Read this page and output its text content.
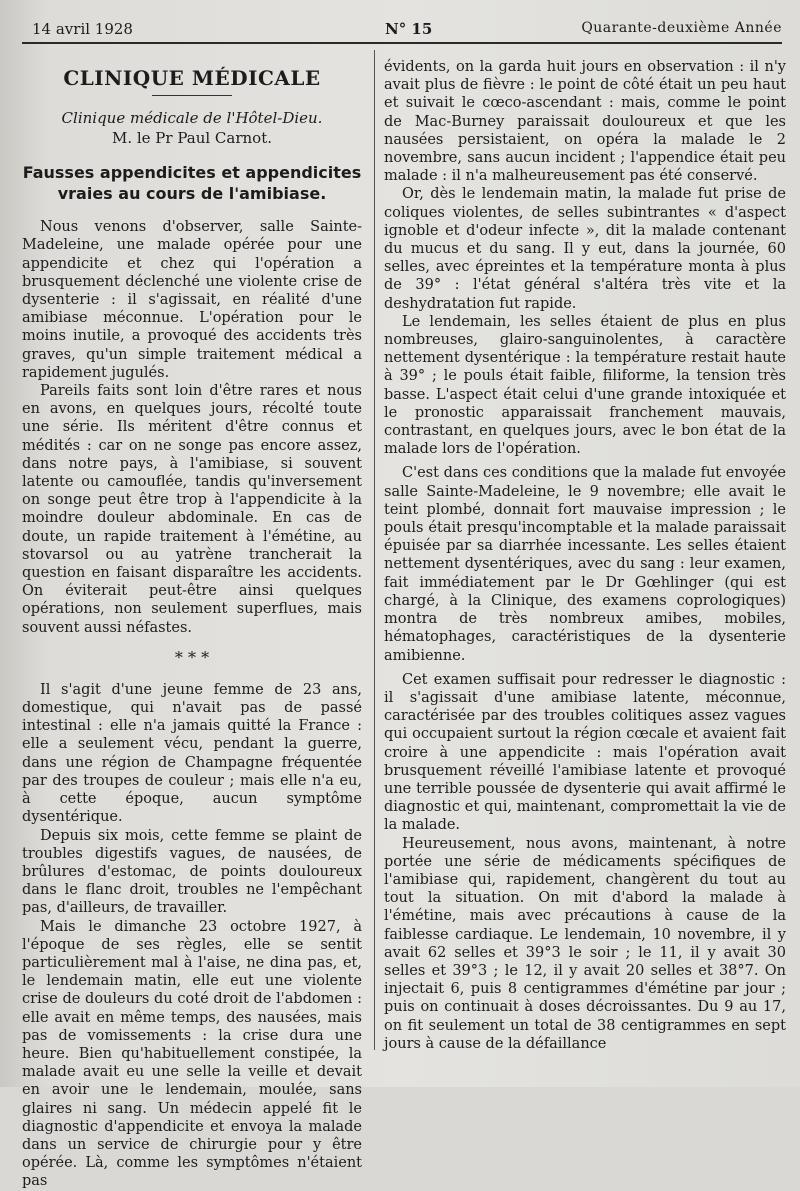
14 avril 1928	N° 15	Quarante-deuxième Année
CLINIQUE MÉDICALE
Clinique médicale de l'Hôtel-Dieu.
M. le Pr Paul Carnot.
Fausses appendicites et appendicites vraies au cours de l'amibiase.

Nous venons d'observer, salle Sainte-Madeleine, une malade opérée pour une appendicite et chez qui l'opération a brusquement déclenché une violente crise de dysenterie : il s'agissait, en réalité d'une amibiase méconnue. L'opération pour le moins inutile, a provoqué des accidents très graves, qu'un simple traitement médical a rapidement jugulés.

Pareils faits sont loin d'être rares et nous en avons, en quelques jours, récolté toute une série. Ils méritent d'être connus et médités : car on ne songe pas encore assez, dans notre pays, à l'amibiase, si souvent latente ou camouflée, tandis qu'inversement on songe peut être trop à l'appendicite à la moindre douleur abdominale. En cas de doute, un rapide traitement à l'émétine, au stovarsol ou au yatrène trancherait la question en faisant disparaître les accidents. On éviterait peut-être ainsi quelques opérations, non seulement superflues, mais souvent aussi néfastes.

* * *

Il s'agit d'une jeune femme de 23 ans, domestique, qui n'avait pas de passé intestinal : elle n'a jamais quitté la France : elle a seulement vécu, pendant la guerre, dans une région de Champagne fréquentée par des troupes de couleur ; mais elle n'a eu, à cette époque, aucun symptôme dysentérique.

Depuis six mois, cette femme se plaint de troubles digestifs vagues, de nausées, de brûlures d'estomac, de points douloureux dans le flanc droit, troubles ne l'empêchant pas, d'ailleurs, de travailler.

Mais le dimanche 23 octobre 1927, à l'époque de ses règles, elle se sentit particulièrement mal à l'aise, ne dina pas, et, le lendemain matin, elle eut une violente crise de douleurs du coté droit de l'abdomen : elle avait en même temps, des nausées, mais pas de vomissements : la crise dura une heure. Bien qu'habituellement constipée, la malade avait eu une selle la veille et devait en avoir une le lendemain, moulée, sans glaires ni sang. Un médecin appelé fit le diagnostic d'appendicite et envoya la malade dans un service de chirurgie pour y être opérée. Là, comme les symptômes n'étaient pas

évidents, on la garda huit jours en observation : il n'y avait plus de fièvre : le point de côté était un peu haut et suivait le cœco-ascendant : mais, comme le point de Mac-Burney paraissait douloureux et que les nausées persistaient, on opéra la malade le 2 novembre, sans aucun incident ; l'appendice était peu malade : il n'a malheureusement pas été conservé.

Or, dès le lendemain matin, la malade fut prise de coliques violentes, de selles subintrantes « d'aspect ignoble et d'odeur infecte », dit la malade contenant du mucus et du sang. Il y eut, dans la journée, 60 selles, avec épreintes et la température monta à plus de 39° : l'état général s'altéra très vite et la deshydratation fut rapide.

Le lendemain, les selles étaient de plus en plus nombreuses, glairo-sanguinolentes, à caractère nettement dysentérique : la température restait haute à 39° ; le pouls était faible, filiforme, la tension très basse. L'aspect était celui d'une grande intoxiquée et le pronostic apparaissait franchement mauvais, contrastant, en quelques jours, avec le bon état de la malade lors de l'opération.

C'est dans ces conditions que la malade fut envoyée salle Sainte-Madeleine, le 9 novembre; elle avait le teint plombé, donnait fort mauvaise impression ; le pouls était presqu'incomptable et la malade paraissait épuisée par sa diarrhée incessante. Les selles étaient nettement dysentériques, avec du sang : leur examen, fait immédiatement par le Dr Gœhlinger (qui est chargé, à la Clinique, des examens coprologiques) montra de très nombreux amibes, mobiles, hématophages, caractéristiques de la dysenterie amibienne.

Cet examen suffisait pour redresser le diagnostic : il s'agissait d'une amibiase latente, méconnue, caractérisée par des troubles colitiques assez vagues qui occupaient surtout la région cœcale et avaient fait croire à une appendicite : mais l'opération avait brusquement réveillé l'amibiase latente et provoqué une terrible poussée de dysenterie qui avait affirmé le diagnostic et qui, maintenant, compromettait la vie de la malade.

Heureusement, nous avons, maintenant, à notre portée une série de médicaments spécifiques de l'amibiase qui, rapidement, changèrent du tout au tout la situation. On mit d'abord la malade à l'émétine, mais avec précautions à cause de la faiblesse cardiaque. Le lendemain, 10 novembre, il y avait 62 selles et 39°3 le soir ; le 11, il y avait 30 selles et 39°3 ; le 12, il y avait 20 selles et 38°7. On injectait 6, puis 8 centigrammes d'émétine par jour ; puis on continuait à doses décroissantes. Du 9 au 17, on fit seulement un total de 38 centigrammes en sept jours à cause de la défaillance
